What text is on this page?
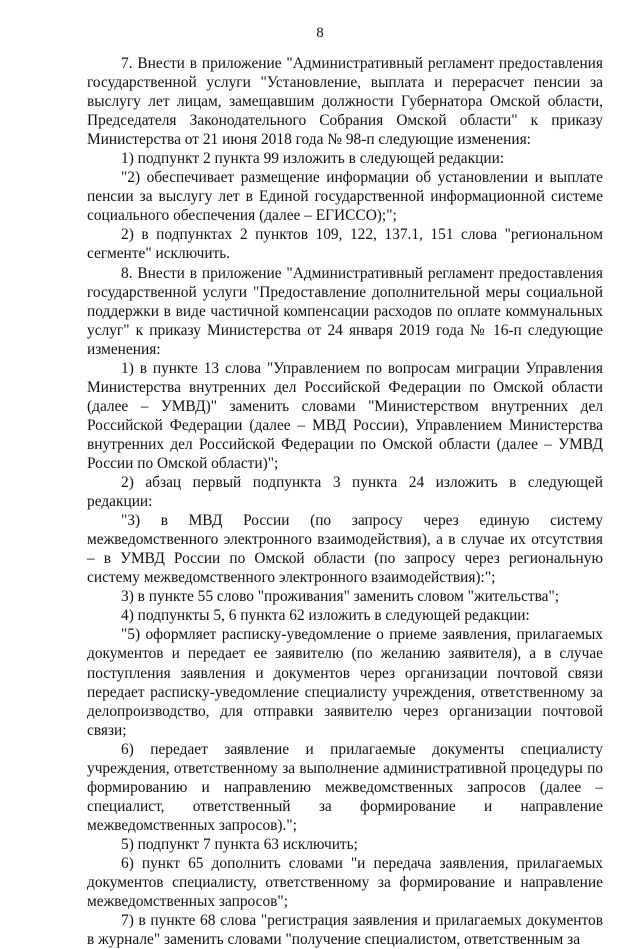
8

7. Внести в приложение "Административный регламент предоставления государственной услуги "Установление, выплата и перерасчет пенсии за выслугу лет лицам, замещавшим должности Губернатора Омской области, Председателя Законодательного Собрания Омской области" к приказу Министерства от 21 июня 2018 года № 98-п следующие изменения:

1) подпункт 2 пункта 99 изложить в следующей редакции:

"2) обеспечивает размещение информации об установлении и выплате пенсии за выслугу лет в Единой государственной информационной системе социального обеспечения (далее – ЕГИССО);";

2) в подпунктах 2 пунктов 109, 122, 137.1, 151 слова "региональном сегменте" исключить.

8. Внести в приложение "Административный регламент предоставления государственной услуги "Предоставление дополнительной меры социальной поддержки в виде частичной компенсации расходов по оплате коммунальных услуг" к приказу Министерства от 24 января 2019 года № 16-п следующие изменения:

1) в пункте 13 слова "Управлением по вопросам миграции Управления Министерства внутренних дел Российской Федерации по Омской области (далее – УМВД)" заменить словами "Министерством внутренних дел Российской Федерации (далее – МВД России), Управлением Министерства внутренних дел Российской Федерации по Омской области (далее – УМВД России по Омской области)";

2) абзац первый подпункта 3 пункта 24 изложить в следующей редакции:

"3) в МВД России (по запросу через единую систему межведомственного электронного взаимодействия), а в случае их отсутствия – в УМВД России по Омской области (по запросу через региональную систему межведомственного электронного взаимодействия):";

3) в пункте 55 слово "проживания" заменить словом "жительства";

4) подпункты 5, 6 пункта 62 изложить в следующей редакции:

"5) оформляет расписку-уведомление о приеме заявления, прилагаемых документов и передает ее заявителю (по желанию заявителя), а в случае поступления заявления и документов через организации почтовой связи передает расписку-уведомление специалисту учреждения, ответственному за делопроизводство, для отправки заявителю через организации почтовой связи;

6) передает заявление и прилагаемые документы специалисту учреждения, ответственному за выполнение административной процедуры по формированию и направлению межведомственных запросов (далее – специалист, ответственный за формирование и направление межведомственных запросов).";

5) подпункт 7 пункта 63 исключить;

6) пункт 65 дополнить словами "и передача заявления, прилагаемых документов специалисту, ответственному за формирование и направление межведомственных запросов";

7) в пункте 68 слова "регистрация заявления и прилагаемых документов в журнале" заменить словами "получение специалистом, ответственным за
